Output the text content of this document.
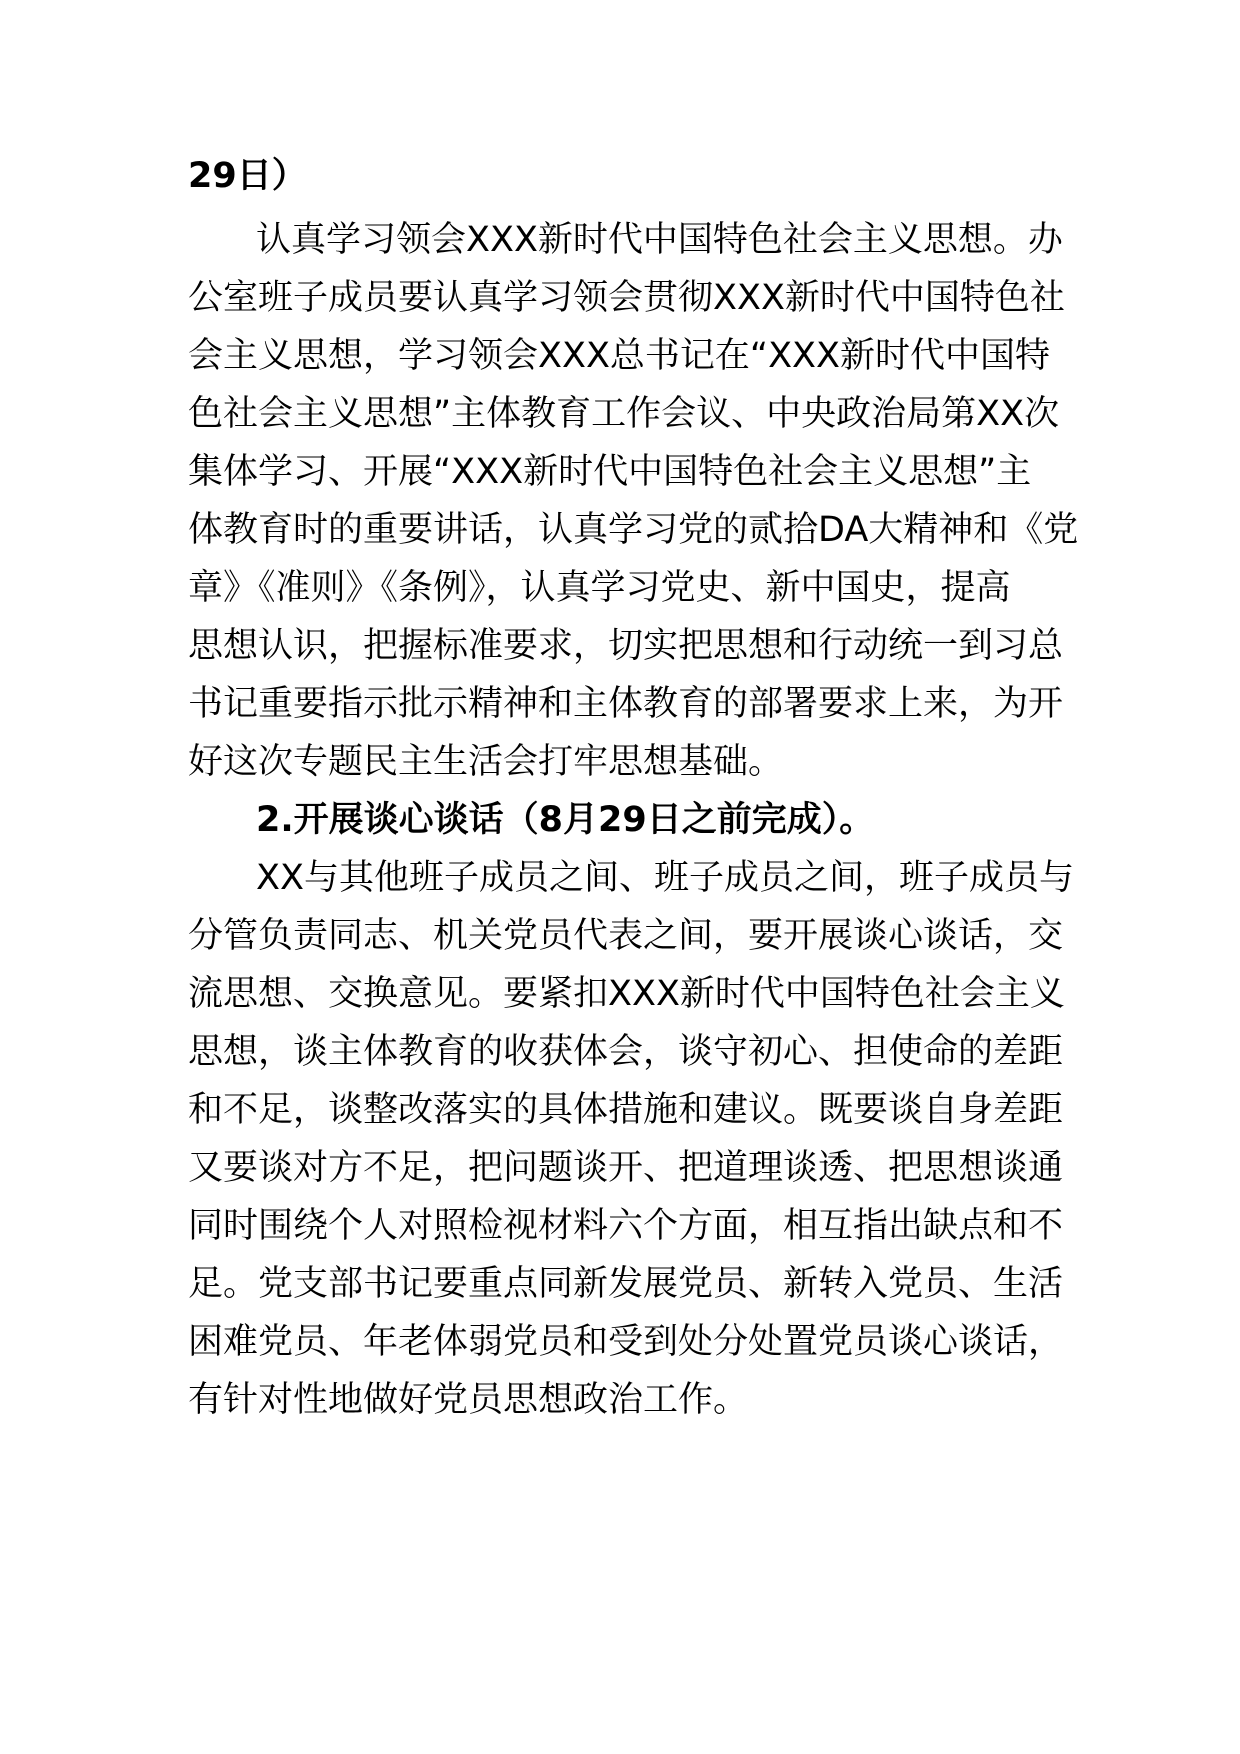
29日）
认真学习领会XXX新时代中国特色社会主义思想。办
公室班子成员要认真学习领会贯彻XXX新时代中国特色社
会主义思想，学习领会XXX总书记在“XXX新时代中国特
色社会主义思想”主体教育工作会议、中央政治局第XX次
集体学习、开展“XXX新时代中国特色社会主义思想”主
体教育时的重要讲话，认真学习党的贰拾DA大精神和《党
章》《准则》《条例》，认真学习党史、新中国史，提高
思想认识，把握标准要求，切实把思想和行动统一到习总
书记重要指示批示精神和主体教育的部署要求上来，为开
好这次专题民主生活会打牢思想基础。
2.开展谈心谈话（8月29日之前完成）。
XX与其他班子成员之间、班子成员之间，班子成员与
分管负责同志、机关党员代表之间，要开展谈心谈话，交
流思想、交换意见。要紧扣XXX新时代中国特色社会主义
思想，谈主体教育的收获体会，谈守初心、担使命的差距
和不足，谈整改落实的具体措施和建议。既要谈自身差距
又要谈对方不足，把问题谈开、把道理谈透、把思想谈通
同时围绕个人对照检视材料六个方面，相互指出缺点和不
足。党支部书记要重点同新发展党员、新转入党员、生活
困难党员、年老体弱党员和受到处分处置党员谈心谈话，
有针对性地做好党员思想政治工作。
